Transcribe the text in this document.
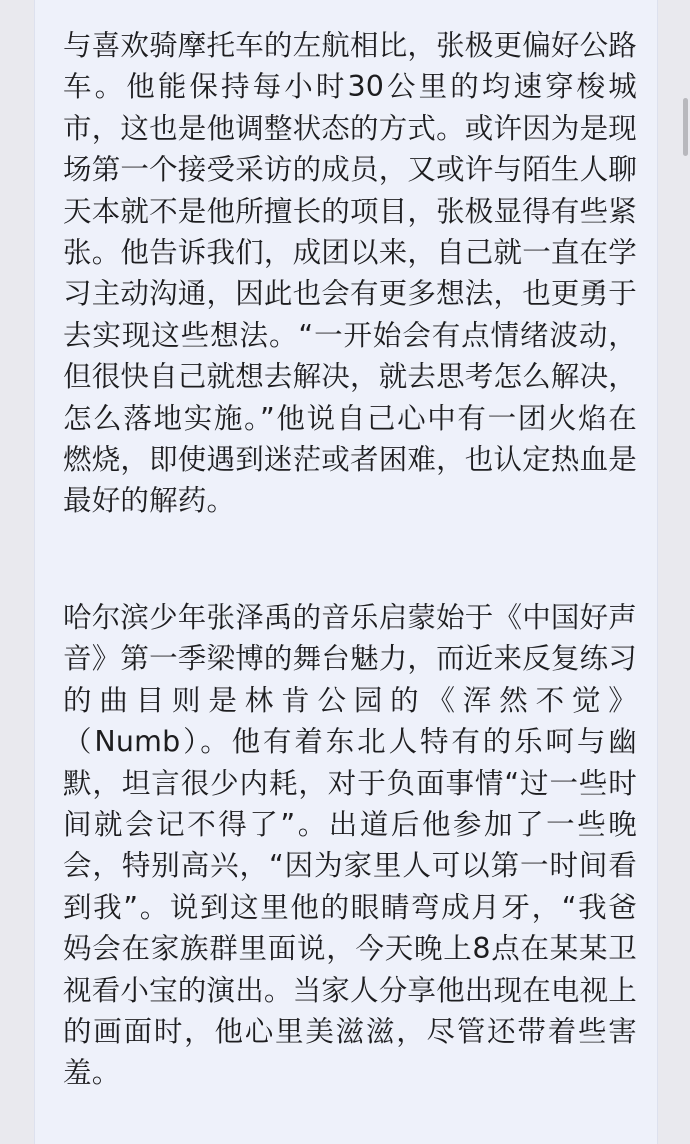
与喜欢骑摩托车的左航相比，张极更偏好公路车。他能保持每小时30公里的均速穿梭城市，这也是他调整状态的方式。或许因为是现场第一个接受采访的成员，又或许与陌生人聊天本就不是他所擅长的项目，张极显得有些紧张。他告诉我们，成团以来，自己就一直在学习主动沟通，因此也会有更多想法，也更勇于去实现这些想法。“一开始会有点情绪波动，但很快自己就想去解决，就去思考怎么解决，怎么落地实施。”他说自己心中有一团火焰在燃烧，即使遇到迷茫或者困难，也认定热血是最好的解药。

哈尔滨少年张泽禹的音乐启蒙始于《中国好声音》第一季梁博的舞台魅力，而近来反复练习的曲目则是林肯公园的《浑然不觉》（Numb）。他有着东北人特有的乐呵与幽默，坦言很少内耗，对于负面事情“过一些时间就会记不得了”。出道后他参加了一些晚会，特别高兴，“因为家里人可以第一时间看到我”。说到这里他的眼睛弯成月牙，“我爸妈会在家族群里面说，今天晚上8点在某某卫视看小宝的演出。当家人分享他出现在电视上的画面时，他心里美滋滋，尽管还带着些害羞。
